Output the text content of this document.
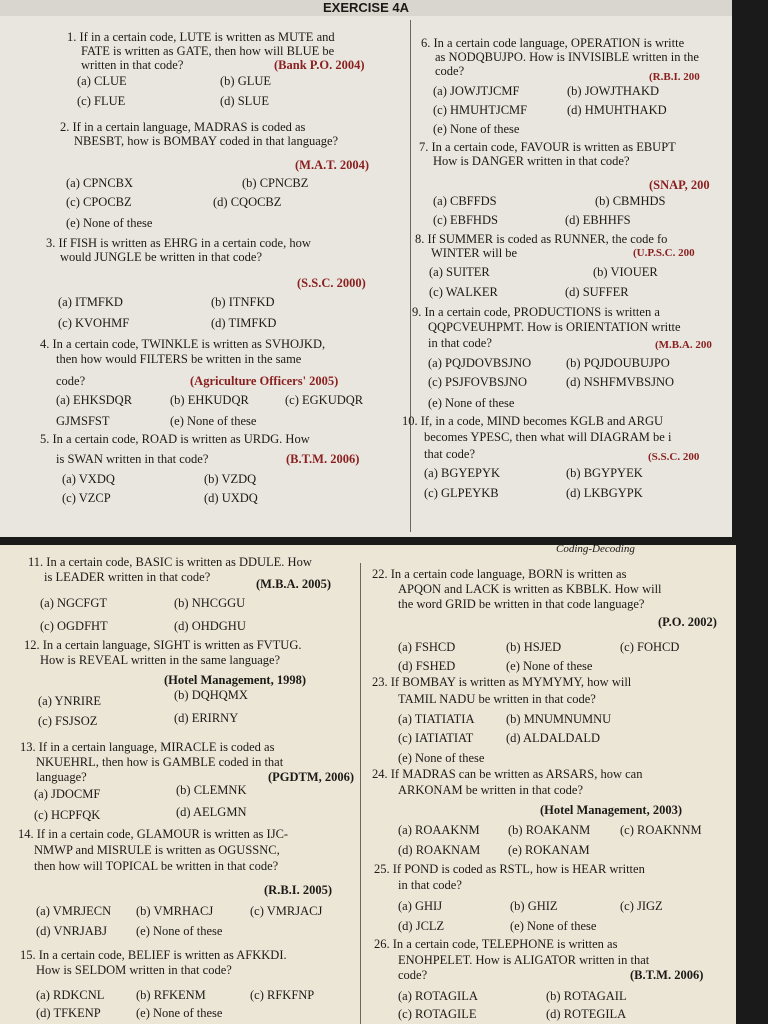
EXERCISE 4A
1. If in a certain code, LUTE is written as MUTE and
FATE is written as GATE, then how will BLUE be
written in that code?	(Bank P.O. 2004)
(a) CLUE	(b) GLUE
(c) FLUE	(d) SLUE
2. If in a certain language, MADRAS is coded as
NBESBT, how is BOMBAY coded in that language?
(M.A.T. 2004)
(a) CPNCBX	(b) CPNCBZ
(c) CPOCBZ	(d) CQOCBZ
(e) None of these
3. If FISH is written as EHRG in a certain code, how
would JUNGLE be written in that code?
(S.S.C. 2000)
(a) ITMFKD	(b) ITNFKD
(c) KVOHMF	(d) TIMFKD
4. In a certain code, TWINKLE is written as SVHOJKD,
then how would FILTERS be written in the same
code?	(Agriculture Officers' 2005)
(a) EHKSDQR	(b) EHKUDQR	(c) EGKUDQR
GJMSFST	(e) None of these
5. In a certain code, ROAD is written as URDG. How
is SWAN written in that code?	(B.T.M. 2006)
(a) VXDQ	(b) VZDQ
(c) VZCP	(d) UXDQ
6. In a certain code language, OPERATION is writte
as NODQBUJPO. How is INVISIBLE written in the
code?	(R.B.I. 200
(a) JOWJTJCMF	(b) JOWJTHAKD
(c) HMUHTJCMF	(d) HMUHTHAKD
(e) None of these
7. In a certain code, FAVOUR is written as EBUPT
How is DANGER written in that code?
(SNAP, 200
(a) CBFFDS	(b) CBMHDS
(c) EBFHDS	(d) EBHHFS
8. If SUMMER is coded as RUNNER, the code fo
WINTER will be	(U.P.S.C. 200
(a) SUITER	(b) VIOUER
(c) WALKER	(d) SUFFER
9. In a certain code, PRODUCTIONS is written a
QQPCVEUHPMT. How is ORIENTATION writte
in that code?	(M.B.A. 200
(a) PQJDOVBSJNO	(b) PQJDOUBUJPO
(c) PSJFOVBSJNO	(d) NSHFMVBSJNO
(e) None of these
10. If, in a code, MIND becomes KGLB and ARGU
becomes YPESC, then what will DIAGRAM be i
that code?	(S.S.C. 200
(a) BGYEPYK	(b) BGYPYEK
(c) GLPEYKB	(d) LKBGYPK
Coding-Decoding
11. In a certain code, BASIC is written as DDULE. How
is LEADER written in that code?	(M.B.A. 2005)
(a) NGCFGT	(b) NHCGGU
(c) OGDFHT	(d) OHDGHU
12. In a certain language, SIGHT is written as FVTUG.
How is REVEAL written in the same language?
(Hotel Management, 1998)
(a) YNRIRE	(b) DQHQMX
(c) FSJSOZ	(d) ERIRNY
13. If in a certain language, MIRACLE is coded as
NKUEHRL, then how is GAMBLE coded in that
language?	(PGDTM, 2006)
(a) JDOCMF	(b) CLEMNK
(c) HCPFQK	(d) AELGMN
14. If in a certain code, GLAMOUR is written as IJC-
NMWP and MISRULE is written as OGUSSNC,
then how will TOPICAL be written in that code?
(R.B.I. 2005)
(a) VMRJECN (b) VMRHACJ	(c) VMRJACJ
(d) VNRJABJ (e) None of these
15. In a certain code, BELIEF is written as AFKKDI.
How is SELDOM written in that code?
(a) RDKCNL	(b) RFKENM	(c) RFKFNP
(d) TFKENP	(e) None of these
22. In a certain code language, BORN is written as
APQON and LACK is written as KBBLK. How will
the word GRID be written in that code language?
(P.O. 2002)
(a) FSHCD	(b) HSJED	(c) FOHCD
(d) FSHED	(e) None of these
23. If BOMBAY is written as MYMYMY, how will
TAMIL NADU be written in that code?
(a) TIATIATIA	(b) MNUMNUMNU
(c) IATIATIAT	(d) ALDALDALD
(e) None of these
24. If MADRAS can be written as ARSARS, how can
ARKONAM be written in that code?
(Hotel Management, 2003)
(a) ROAAKNM (b) ROAKANM (c) ROAKNNM
(d) ROAKNAM (e) ROKANAM
25. If POND is coded as RSTL, how is HEAR written
in that code?
(a) GHIJ	(b) GHIZ	(c) JIGZ
(d) JCLZ	(e) None of these
26. In a certain code, TELEPHONE is written as
ENOHPELET. How is ALIGATOR written in that
code?	(B.T.M. 2006)
(a) ROTAGILA	(b) ROTAGAIL
(c) ROTAGILE	(d) ROTEGILA
